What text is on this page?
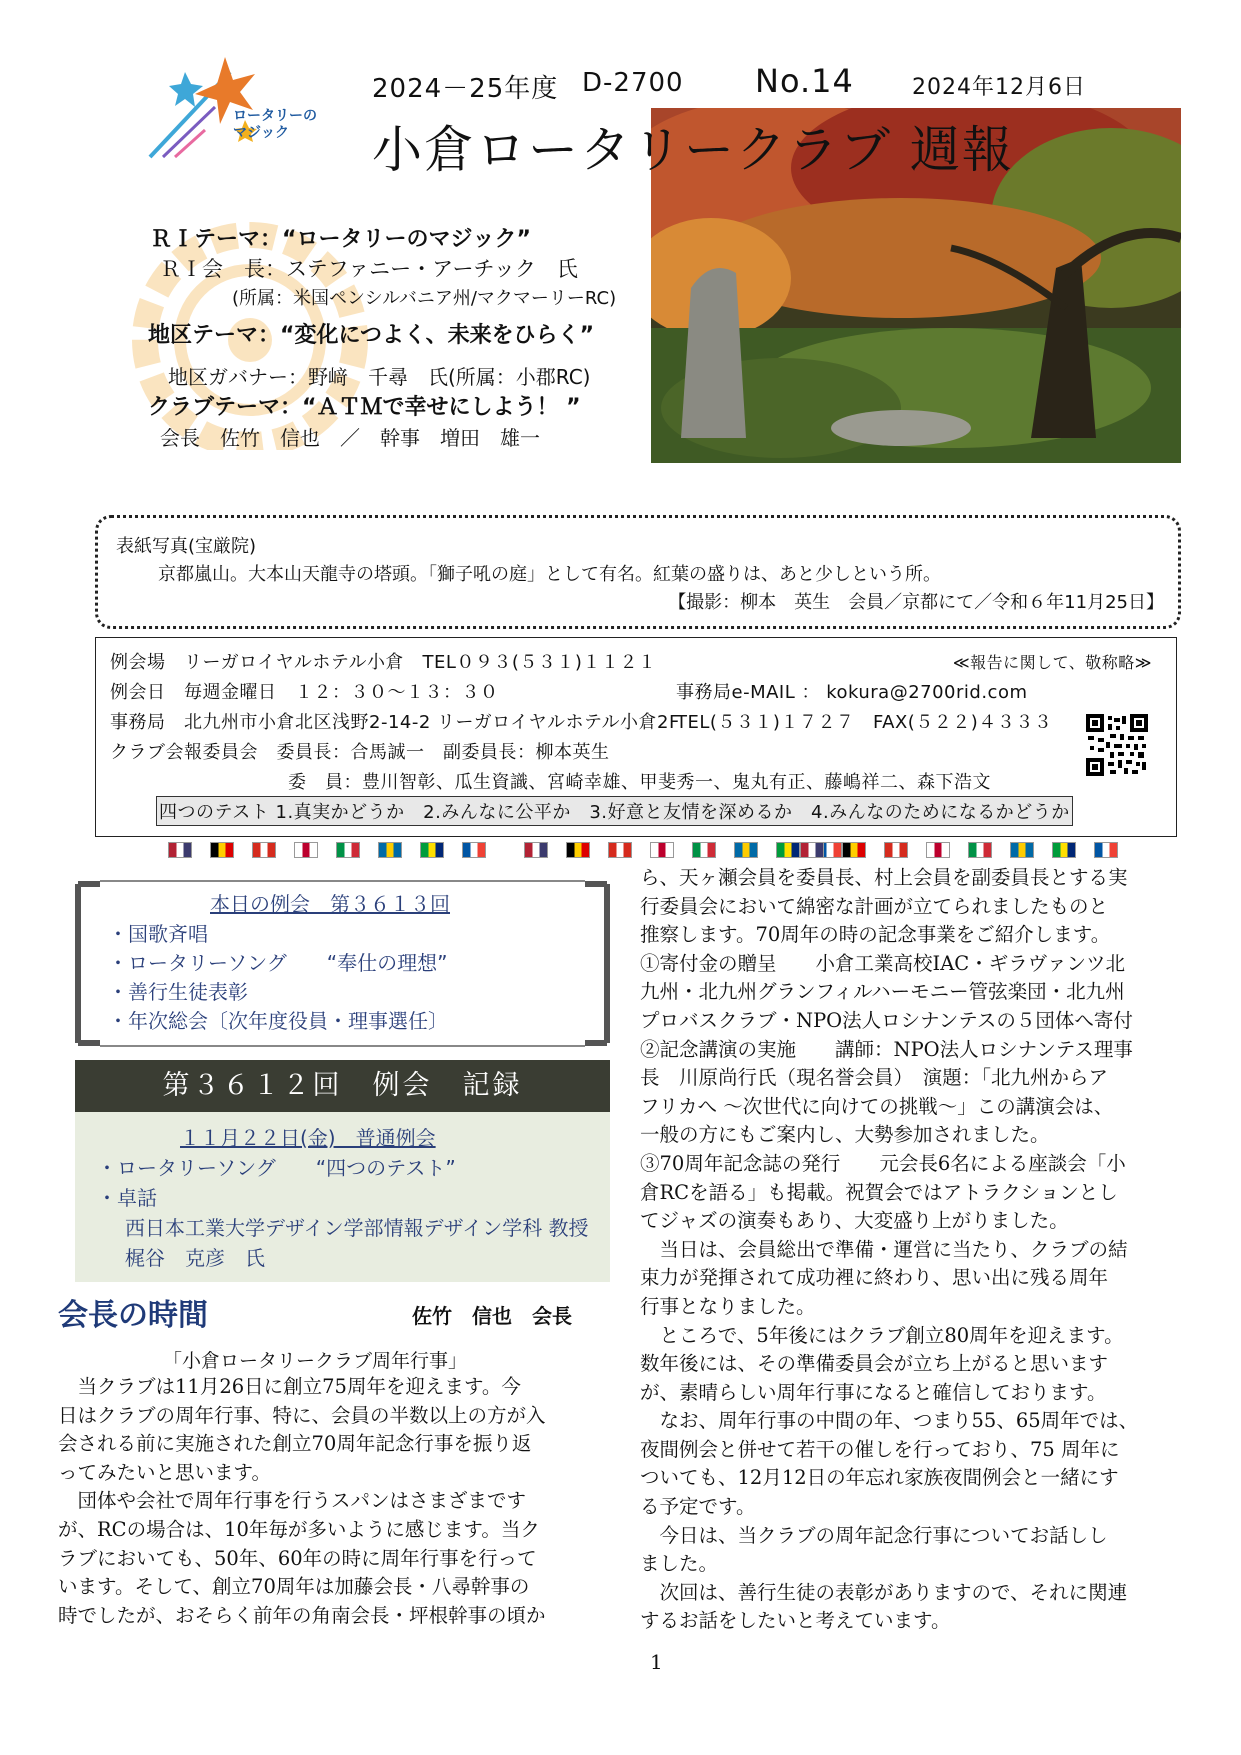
ロータリーの
マジック
2024－25年度 D-2700 No.14	2024年12月6日
小倉ロータリークラブ 週報
ＲＩテーマ：“ロータリーのマジック”
ＲＩ会　長：ステファニー・アーチック　氏
(所属：米国ペンシルバニア州/マクマーリーRC)
地区テーマ：“変化につよく、未来をひらく”
地区ガバナー：野﨑　千尋　氏(所属：小郡RC)
クラブテーマ：“ＡＴＭで幸せにしよう！ ”
会長　佐竹　信也　／　幹事　増田　雄一
表紙写真(宝厳院)
京都嵐山。大本山天龍寺の塔頭。「獅子吼の庭」として有名。紅葉の盛りは、あと少しという所。
【撮影：柳本　英生　会員／京都にて／令和６年11月25日】
例会場　リーガロイヤルホテル小倉　TEL０９３(５３１)１１２１	≪報告に関して、敬称略≫
例会日　毎週金曜日　１２：３０～１３：３０	事務局e-MAIL ： kokura@2700rid.com
事務局　北九州市小倉北区浅野2-14-2 リーガロイヤルホテル小倉2F
TEL(５３１)１７２７　FAX(５２２)４３３３
クラブ会報委員会　委員長：合馬誠一　副委員長：柳本英生
委　員：豊川智彰、瓜生資識、宮崎幸雄、甲斐秀一、鬼丸有正、藤嶋祥二、森下浩文
四つのテスト 1.真実かどうか　2.みんなに公平か　3.好意と友情を深めるか　4.みんなのためになるかどうか
本日の例会　第３６１３回
・国歌斉唱
・ロータリーソング　　“奉仕の理想”
・善行生徒表彰
・年次総会〔次年度役員・理事選任〕
第３６１２回　例会　記録
１１月２２日(金)　普通例会
・ロータリーソング　　“四つのテスト”
・卓話
西日本工業大学デザイン学部情報デザイン学科 教授
梶谷　克彦　氏
会長の時間	佐竹　信也　会長
「小倉ロータリークラブ周年行事」
　当クラブは11月26日に創立75周年を迎えます。今
日はクラブの周年行事、特に、会員の半数以上の方が入
会される前に実施された創立70周年記念行事を振り返
ってみたいと思います。
　団体や会社で周年行事を行うスパンはさまざまです
が、RCの場合は、10年毎が多いように感じます。当ク
ラブにおいても、50年、60年の時に周年行事を行って
います。そして、創立70周年は加藤会長・八尋幹事の
時でしたが、おそらく前年の角南会長・坪根幹事の頃か
ら、天ヶ瀬会員を委員長、村上会員を副委員長とする実
行委員会において綿密な計画が立てられましたものと
推察します。70周年の時の記念事業をご紹介します。
①寄付金の贈呈　　小倉工業高校IAC・ギラヴァンツ北
九州・北九州グランフィルハーモニー管弦楽団・北九州
プロバスクラブ・NPO法人ロシナンテスの５団体へ寄付
②記念講演の実施　　講師：NPO法人ロシナンテス理事
長　川原尚行氏（現名誉会員）　演題：「北九州からア
フリカへ ～次世代に向けての挑戦～」この講演会は、
一般の方にもご案内し、大勢参加されました。
③70周年記念誌の発行　　元会長6名による座談会「小
倉RCを語る」も掲載。祝賀会ではアトラクションとし
てジャズの演奏もあり、大変盛り上がりました。
　当日は、会員総出で準備・運営に当たり、クラブの結
束力が発揮されて成功裡に終わり、思い出に残る周年
行事となりました。
　ところで、5年後にはクラブ創立80周年を迎えます。
数年後には、その準備委員会が立ち上がると思います
が、素晴らしい周年行事になると確信しております。
　なお、周年行事の中間の年、つまり55、65周年では、
夜間例会と併せて若干の催しを行っており、75 周年に
ついても、12月12日の年忘れ家族夜間例会と一緒にす
る予定です。
　今日は、当クラブの周年記念行事についてお話しし
ました。
　次回は、善行生徒の表彰がありますので、それに関連
するお話をしたいと考えています。
1
